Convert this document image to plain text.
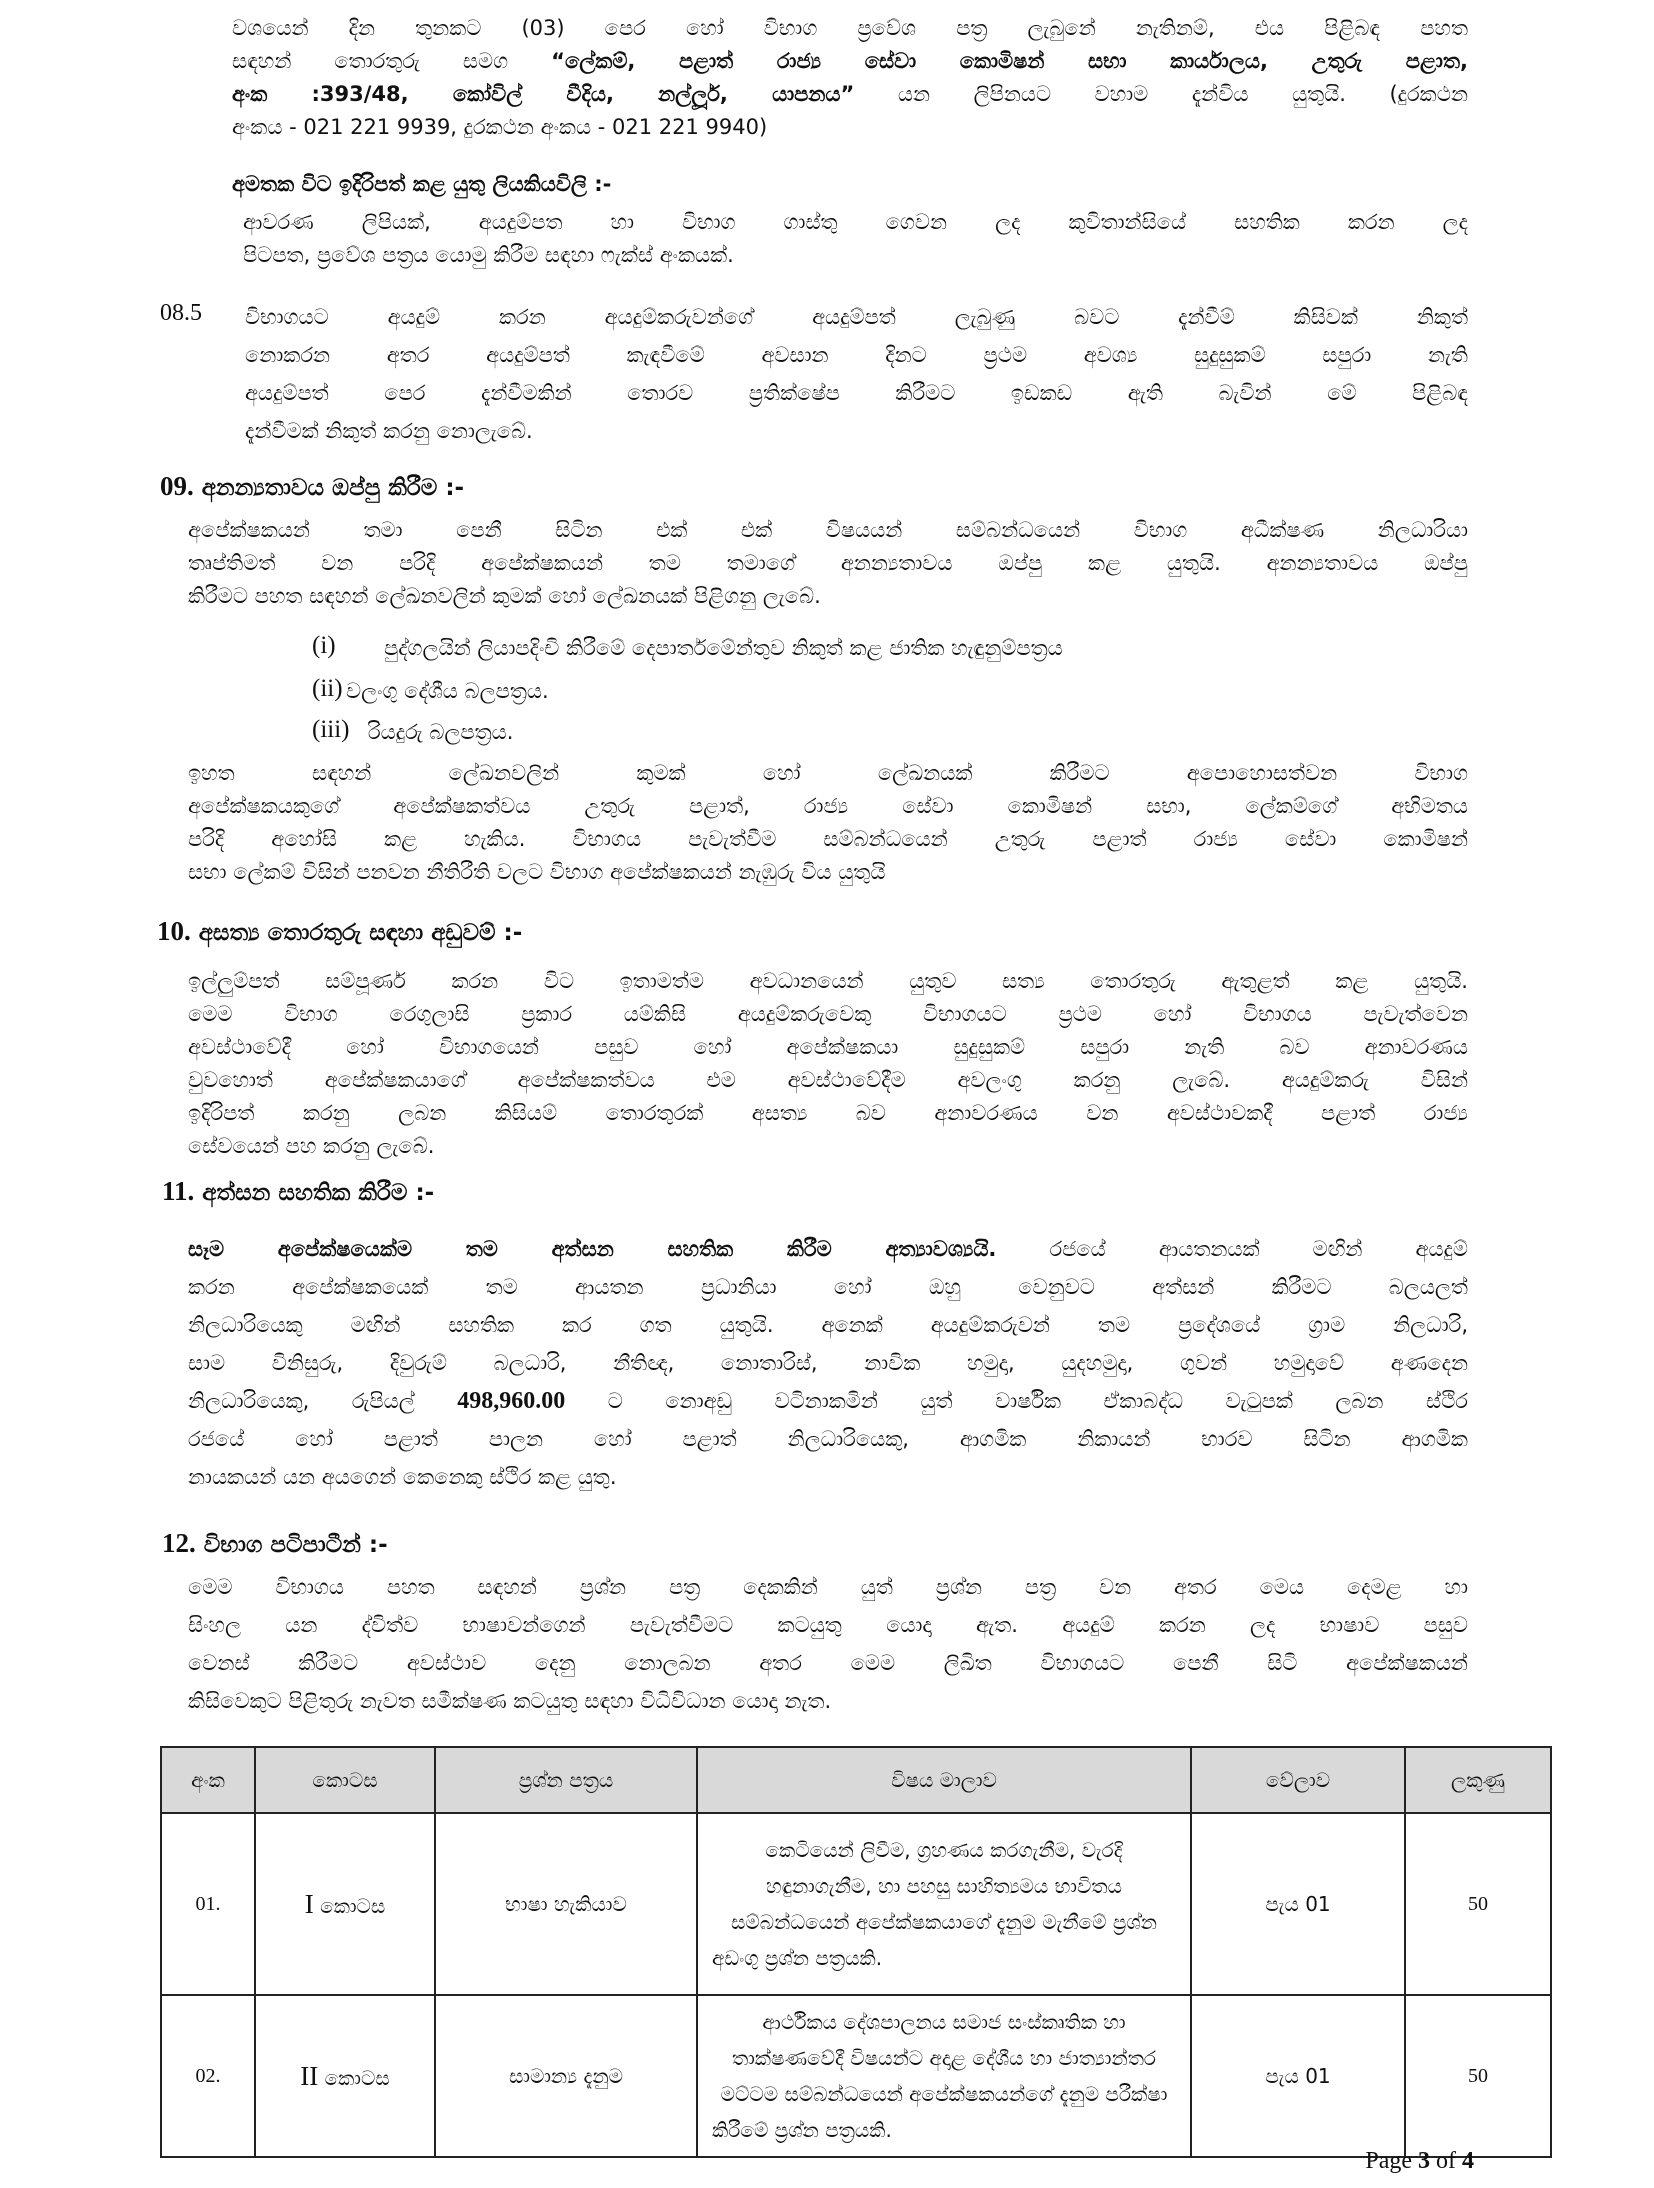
වශයෙන් දින තුනකට (03) පෙර හෝ විභාග ප්‍රවේශ පත්‍ර ලැබුනේ නැතිනම්, එය පිළිබඳ පහත

සඳහන් තොරතුරු සමග “ලේකම්, පළාත් රාජ්‍ය සේවා කොමිෂන් සභා කාර්යාලය, උතුරු පළාත,

අංක :393/48, කෝවිල් වීදිය, නල්ලූර්, යාපනය” යන ලිපිනයට වහාම දැන්විය යුතුයි. (දුරකථන

අංකය - 021 221 9939, දුරකථන අංකය - 021 221 9940)

අමතක විට ඉදිරිපත් කළ යුතු ලියකියවිලි :-

ආවරණ ලිපියක්, අයදුම්පත හා විභාග ගාස්තු ගෙවන ලද කුවිතාන්සියේ සහතික කරන ලද

පිටපත, ප්‍රවේශ පත්‍රය යොමු කිරීම සඳහා ෆැක්ස් අංකයක්.

08.5 විභාගයට අයදුම් කරන අයදුම්කරුවන්ගේ අයදුම්පත් ලැබුණු බවට දැන්වීම් කිසිවක් නිකුත්

නොකරන අතර අයදුම්පත් කැඳවීමේ අවසාන දිනට ප්‍රථම අවශ්‍ය සුදුසුකම් සපුරා නැති

අයදුම්පත් පෙර දැන්වීමකින් තොරව ප්‍රතික්ෂේප කිරීමට ඉඩකඩ ඇති බැවින් මේ පිළිබඳ

දැන්වීමක් නිකුත් කරනු නොලැබේ.

09. අනන්‍යතාවය ඔප්පු කිරීම :-

අපේක්ෂකයන් තමා පෙනී සිටින එක් එක් විෂයයන් සම්බන්ධයෙන් විභාග අධීක්ෂණ නිලධාරියා

තෘප්තිමත් වන පරිදි අපේක්ෂකයන් තම තමාගේ අනන්‍යතාවය ඔප්පු කළ යුතුයි. අනන්‍යතාවය ඔප්පු

කිරීමට පහත සඳහන් ලේඛනවලින් කුමක් හෝ ලේඛනයක් පිළිගනු ලැබේ.

(i) පුද්ගලයින් ලියාපදිංචි කිරීමේ දෙපාර්තමේන්තුව නිකුත් කළ ජාතික හැඳුනුම්පත්‍රය
(ii) වලංගු දේශීය බලපත්‍රය.
(iii) රියදුරු බලපත්‍රය.

ඉහත සඳහන් ලේඛනවලින් කුමක් හෝ ලේඛනයක් කිරීමට අපොහොසත්වන විභාග

අපේක්ෂකයකුගේ අපේක්ෂකත්වය උතුරු පළාත්, රාජ්‍ය සේවා කොමිෂන් සභා, ලේකම්ගේ අභිමතය

පරිදි අහෝසි කළ හැකිය. විභාගය පැවැත්වීම සම්බන්ධයෙන් උතුරු පළාත් රාජ්‍ය සේවා කොමිෂන්

සභා ලේකම් විසින් පනවන නීතිරීති වලට විභාග අපේක්ෂකයන් නැඹුරු විය යුතුයි

10. අසත්‍ය තොරතුරු සඳහා අඩුවම් :-

ඉල්ලුම්පත් සම්පූර්ණ කරන විට ඉතාමත්ම අවධානයෙන් යුතුව සත්‍ය තොරතුරු ඇතුළත් කළ යුතුයි.

මෙම විභාග රෙගුලාසි ප්‍රකාර යම්කිසි අයදුම්කරුවෙකු විභාගයට ප්‍රථම හෝ විභාගය පැවැත්වෙන

අවස්ථාවේදී හෝ විභාගයෙන් පසුව හෝ අපේක්ෂකයා සුදුසුකම් සපුරා නැති බව අනාවරණය

වුවහොත් අපේක්ෂකයාගේ අපේක්ෂකත්වය එම අවස්ථාවේදීම අවලංගු කරනු ලැබේ. අයදුම්කරු විසින්

ඉදිරිපත් කරනු ලබන කිසියම් තොරතුරක් අසත්‍ය බව අනාවරණය වන අවස්ථාවකදී පළාත් රාජ්‍ය

සේවයෙන් පහ කරනු ලැබේ.

11. අත්සන සහතික කිරීම :-

සෑම අපේක්ෂයෙක්ම තම අත්සන සහතික කිරීම අත්‍යාවශ්‍යයි.	රජයේ ආයතනයක් මඟින් අයදුම්

කරන අපේක්ෂකයෙක් තම ආයතන ප්‍රධානියා හෝ ඔහු වෙනුවට අත්සන් කිරීමට බලයලත්

නිලධාරියෙකු මඟින් සහතික කර ගත යුතුයි. අනෙක් අයදුම්කරුවන් තම ප්‍රදේශයේ ග්‍රාම නිලධාරි,

සාම විනිසුරු, දිවුරුම් බලධාරි, නීතිඥ, නොතාරිස්, නාවික හමුදා, යුදහමුදා, ගුවන් හමුදාවේ අණදෙන

නිලධාරියෙකු, රුපියල් 498,960.00 ට නොඅඩු වටිනාකමින් යුත් වාර්ෂික ඒකාබද්ධ වැටුපක් ලබන ස්ථිර

රජයේ හෝ පළාත් පාලන හෝ පළාත් නිලධාරියෙකු, ආගමික නිකායන් භාරව සිටින ආගමික

නායකයන් යන අයගෙන් කෙනෙකු ස්ථිර කළ යුතු.

12. විභාග පටිපාටීන් :-

මෙම විභාගය පහත සඳහන් ප්‍රශ්න පත්‍ර දෙකකින් යුත් ප්‍රශ්න පත්‍ර වන අතර මෙය දෙමළ හා

සිංහල යන ද්විත්ව භාෂාවන්ගෙන් පැවැත්වීමට කටයුතු යොදා ඇත. අයදුම් කරන ලද භාෂාව පසුව

වෙනස් කිරීමට අවස්ථාව දෙනු නොලබන අතර මෙම ලිඛිත විභාගයට පෙනී සිටි අපේක්ෂකයන්

කිසිවෙකුට පිළිතුරු නැවත සමීක්ෂණ කටයුතු සඳහා විධිවිධාන යොදා නැත.

අංක	කොටස	ප්‍රශ්න පත්‍රය	විෂය මාලාව	වේලාව	ලකුණු
01.	I කොටස	භාෂා හැකියාව	කෙටියෙන් ලිවීම, ග්‍රහණය කරගැනීම, වැරදි හඳුනාගැනීම, හා පහසු සාහිත්‍යමය භාවිතය සම්බන්ධයෙන් අපේක්ෂකයාගේ දැනුම මැනීමේ ප්‍රශ්න අඩංගු ප්‍රශ්න පත්‍රයකි.	පැය 01	50
02.	II කොටස	සාමාන්‍ය දැනුම	ආර්ථිකය දේශපාලනය සමාජ සංස්කෘතික හා තාක්ෂණවේදී විෂයන්ට අදාළ දේශීය හා ජාත්‍යාන්තර මට්ටම සම්බන්ධයෙන් අපේක්ෂකයන්ගේ දැනුම පරීක්ෂා කිරීමේ ප්‍රශ්න පත්‍රයකි.	පැය 01	50
Page 3 of 4
